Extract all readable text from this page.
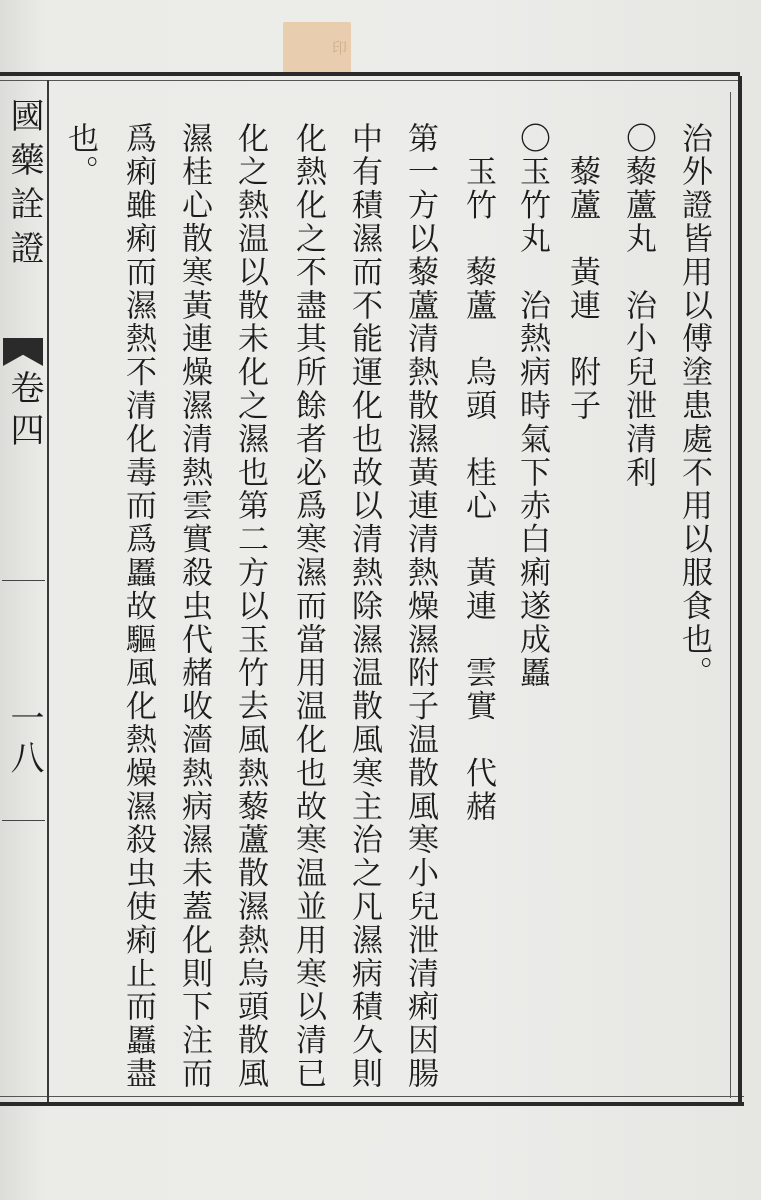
印
國藥詮證
卷四
一八
治外證皆用以傅塗患處不用以服食也。
〇藜蘆丸　治小兒泄清利
　藜蘆　黃連　附子
〇玉竹丸　治熱病時氣下赤白痢遂成䘌
　玉竹　藜蘆　烏頭　桂心　黃連　雲實　代赭
第一方以藜蘆清熱散濕黃連清熱燥濕附子温散風寒小兒泄清痢因腸
中有積濕而不能運化也故以清熱除濕温散風寒主治之凡濕病積久則
化熱化之不盡其所餘者必爲寒濕而當用温化也故寒温並用寒以清已
化之熱温以散未化之濕也第二方以玉竹去風熱藜蘆散濕熱烏頭散風
濕桂心散寒黃連燥濕清熱雲實殺虫代赭收濇熱病濕未蓋化則下注而
爲痢雖痢而濕熱不清化毒而爲䘌故驅風化熱燥濕殺虫使痢止而䘌盡
也。
